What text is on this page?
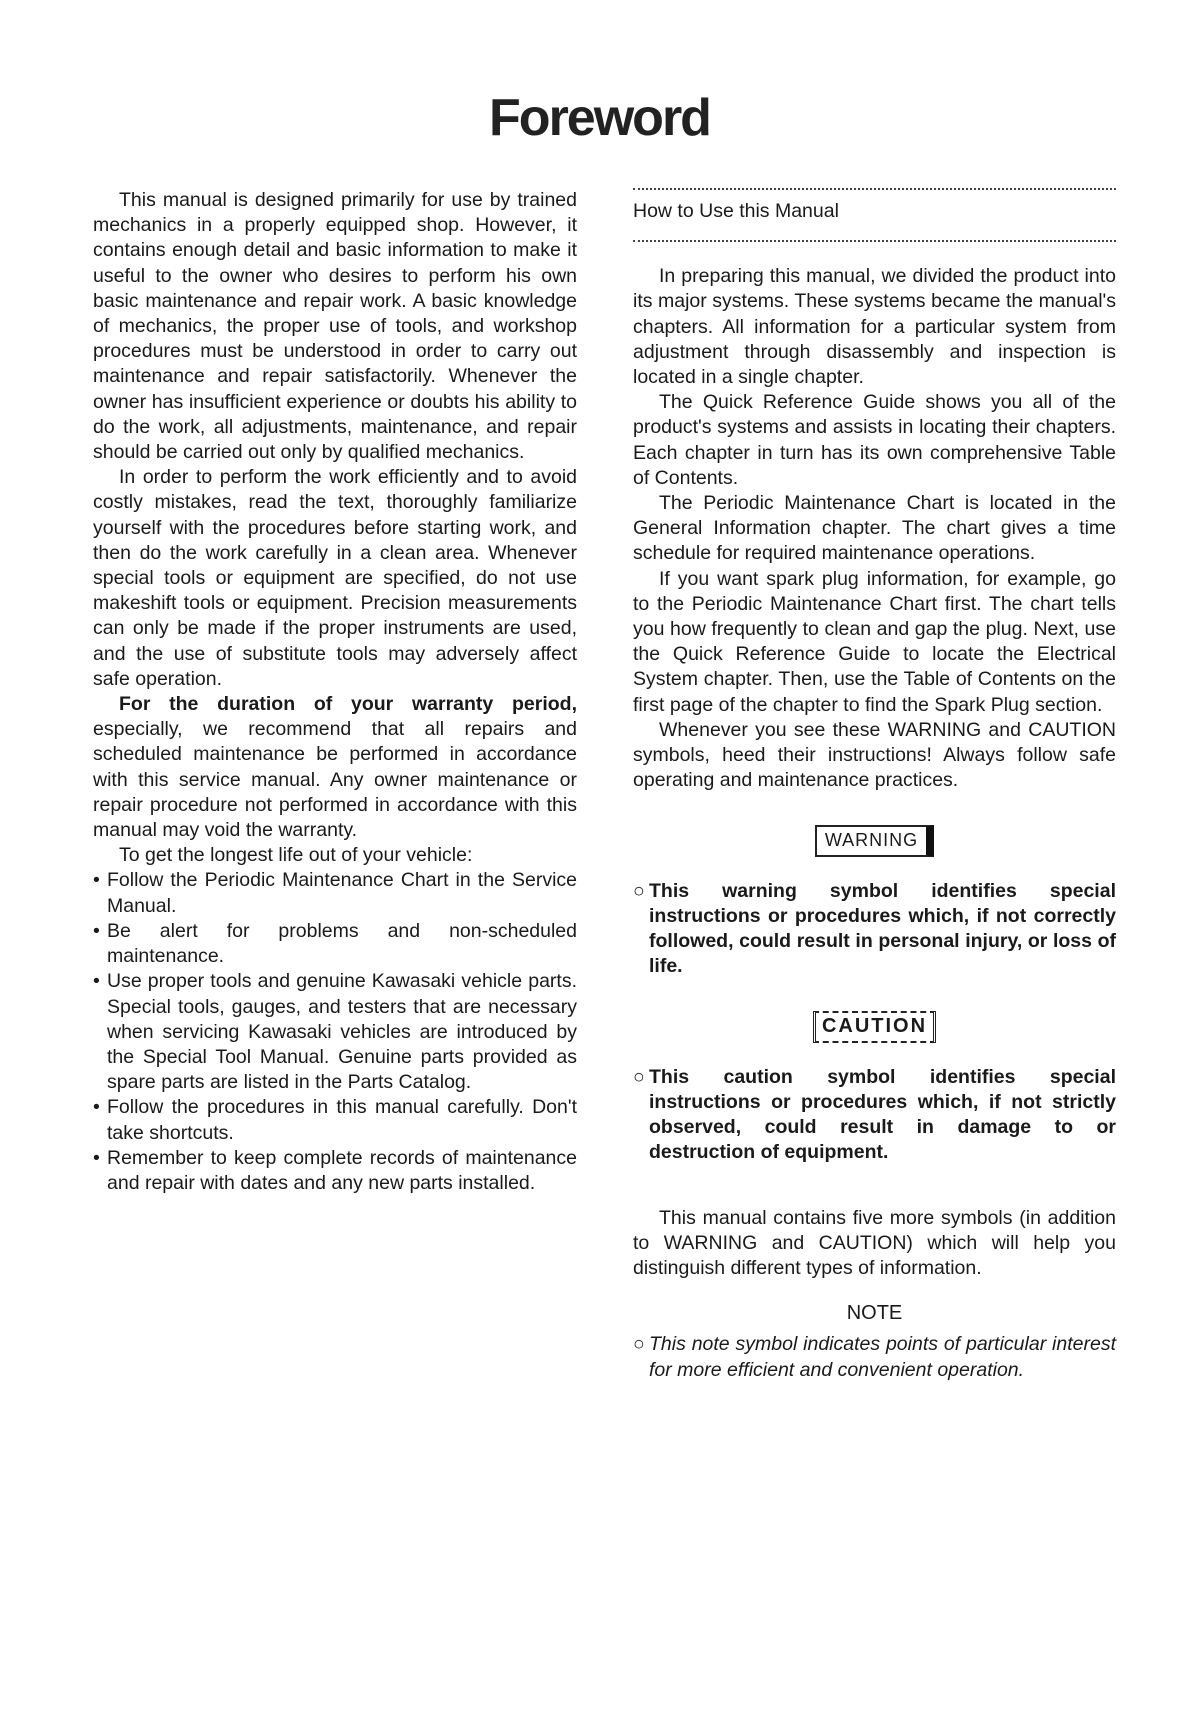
Foreword

This manual is designed primarily for use by trained mechanics in a properly equipped shop. However, it contains enough detail and basic information to make it useful to the owner who desires to perform his own basic maintenance and repair work. A basic knowledge of mechanics, the proper use of tools, and workshop procedures must be understood in order to carry out maintenance and repair satisfactorily. Whenever the owner has insufficient experience or doubts his ability to do the work, all adjustments, maintenance, and repair should be carried out only by qualified mechanics.

In order to perform the work efficiently and to avoid costly mistakes, read the text, thoroughly familiarize yourself with the procedures before starting work, and then do the work carefully in a clean area. Whenever special tools or equipment are specified, do not use makeshift tools or equipment. Precision measurements can only be made if the proper instruments are used, and the use of substitute tools may adversely affect safe operation.

For the duration of your warranty period, especially, we recommend that all repairs and scheduled maintenance be performed in accordance with this service manual. Any owner maintenance or repair procedure not performed in accordance with this manual may void the warranty.

To get the longest life out of your vehicle:

• Follow the Periodic Maintenance Chart in the Service Manual.
• Be alert for problems and non-scheduled maintenance.
• Use proper tools and genuine Kawasaki vehicle parts. Special tools, gauges, and testers that are necessary when servicing Kawasaki vehicles are introduced by the Special Tool Manual. Genuine parts provided as spare parts are listed in the Parts Catalog.
• Follow the procedures in this manual carefully. Don't take shortcuts.
• Remember to keep complete records of maintenance and repair with dates and any new parts installed.
How to Use this Manual

In preparing this manual, we divided the product into its major systems. These systems became the manual's chapters. All information for a particular system from adjustment through disassembly and inspection is located in a single chapter.

The Quick Reference Guide shows you all of the product's systems and assists in locating their chapters. Each chapter in turn has its own comprehensive Table of Contents.

The Periodic Maintenance Chart is located in the General Information chapter. The chart gives a time schedule for required maintenance operations.

If you want spark plug information, for example, go to the Periodic Maintenance Chart first. The chart tells you how frequently to clean and gap the plug. Next, use the Quick Reference Guide to locate the Electrical System chapter. Then, use the Table of Contents on the first page of the chapter to find the Spark Plug section.

Whenever you see these WARNING and CAUTION symbols, heed their instructions! Always follow safe operating and maintenance practices.

WARNING
○ This warning symbol identifies special instructions or procedures which, if not correctly followed, could result in personal injury, or loss of life.
CAUTION
○ This caution symbol identifies special instructions or procedures which, if not strictly observed, could result in damage to or destruction of equipment.

This manual contains five more symbols (in addition to WARNING and CAUTION) which will help you distinguish different types of information.

NOTE

○ This note symbol indicates points of particular interest for more efficient and convenient operation.
